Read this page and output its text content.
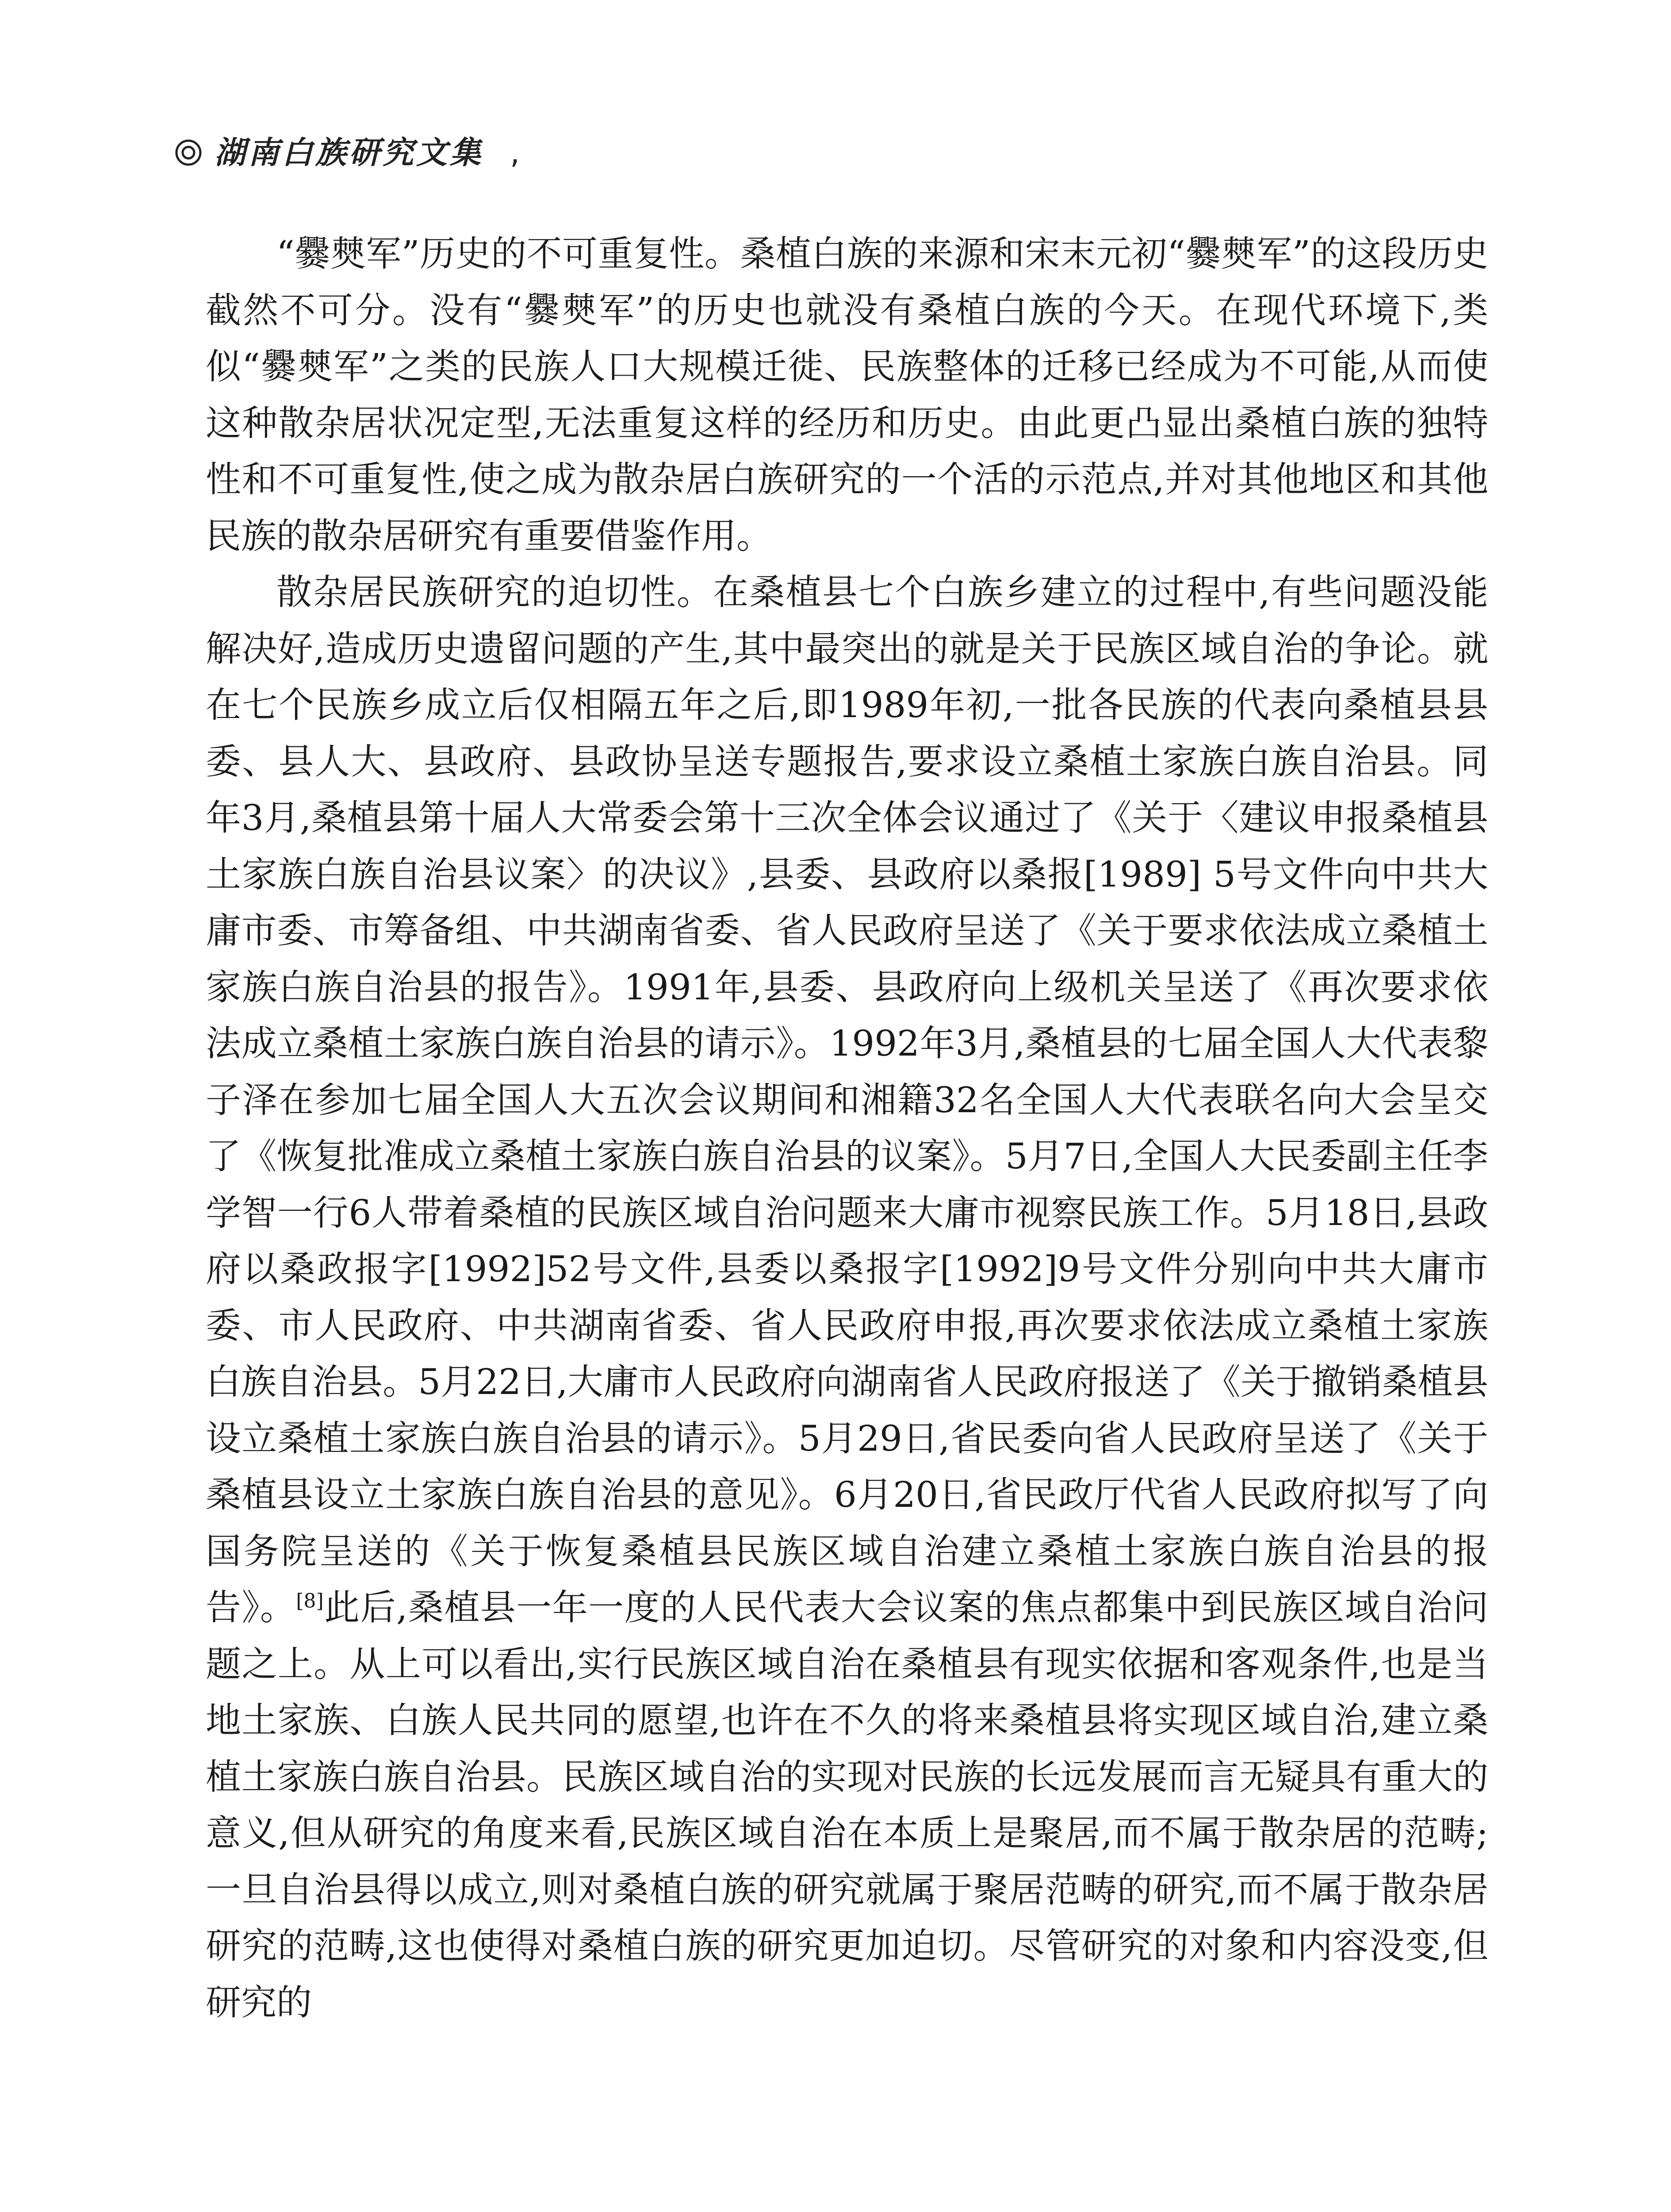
湖南白族研究文集 ,

“爨僰军”历史的不可重复性。桑植白族的来源和宋末元初“爨僰军”的这段历史截然不可分。没有“爨僰军”的历史也就没有桑植白族的今天。在现代环境下,类似“爨僰军”之类的民族人口大规模迁徙、民族整体的迁移已经成为不可能,从而使这种散杂居状况定型,无法重复这样的经历和历史。由此更凸显出桑植白族的独特性和不可重复性,使之成为散杂居白族研究的一个活的示范点,并对其他地区和其他民族的散杂居研究有重要借鉴作用。

散杂居民族研究的迫切性。在桑植县七个白族乡建立的过程中,有些问题没能解决好,造成历史遗留问题的产生,其中最突出的就是关于民族区域自治的争论。就在七个民族乡成立后仅相隔五年之后,即1989年初,一批各民族的代表向桑植县县委、县人大、县政府、县政协呈送专题报告,要求设立桑植土家族白族自治县。同年3月,桑植县第十届人大常委会第十三次全体会议通过了《关于〈建议申报桑植县土家族白族自治县议案〉的决议》,县委、县政府以桑报[1989] 5号文件向中共大庸市委、市筹备组、中共湖南省委、省人民政府呈送了《关于要求依法成立桑植土家族白族自治县的报告》。1991年,县委、县政府向上级机关呈送了《再次要求依法成立桑植土家族白族自治县的请示》。1992年3月,桑植县的七届全国人大代表黎子泽在参加七届全国人大五次会议期间和湘籍32名全国人大代表联名向大会呈交了《恢复批准成立桑植土家族白族自治县的议案》。5月7日,全国人大民委副主任李学智一行6人带着桑植的民族区域自治问题来大庸市视察民族工作。5月18日,县政府以桑政报字[1992]52号文件,县委以桑报字[1992]9号文件分别向中共大庸市委、市人民政府、中共湖南省委、省人民政府申报,再次要求依法成立桑植土家族白族自治县。5月22日,大庸市人民政府向湖南省人民政府报送了《关于撤销桑植县设立桑植土家族白族自治县的请示》。5月29日,省民委向省人民政府呈送了《关于桑植县设立土家族白族自治县的意见》。6月20日,省民政厅代省人民政府拟写了向国务院呈送的《关于恢复桑植县民族区域自治建立桑植土家族白族自治县的报告》。[8]此后,桑植县一年一度的人民代表大会议案的焦点都集中到民族区域自治问题之上。从上可以看出,实行民族区域自治在桑植县有现实依据和客观条件,也是当地土家族、白族人民共同的愿望,也许在不久的将来桑植县将实现区域自治,建立桑植土家族白族自治县。民族区域自治的实现对民族的长远发展而言无疑具有重大的意义,但从研究的角度来看,民族区域自治在本质上是聚居,而不属于散杂居的范畴;一旦自治县得以成立,则对桑植白族的研究就属于聚居范畴的研究,而不属于散杂居研究的范畴,这也使得对桑植白族的研究更加迫切。尽管研究的对象和内容没变,但研究的
